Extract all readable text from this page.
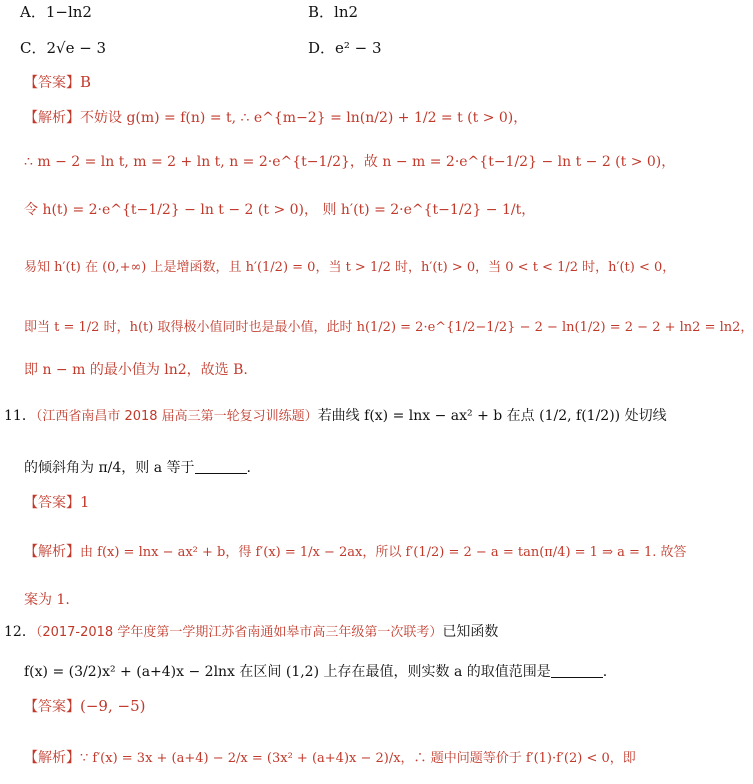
A．1−ln2	B．ln2
C．2√e − 3	D．e² − 3
【答案】B
【解析】不妨设 g(m) = f(n) = t, ∴ e^{m−2} = ln(n/2) + 1/2 = t (t > 0)，
∴ m − 2 = ln t, m = 2 + ln t, n = 2·e^{t−1/2}，故 n − m = 2·e^{t−1/2} − ln t − 2 (t > 0)，
令 h(t) = 2·e^{t−1/2} − ln t − 2 (t > 0)， 则 h′(t) = 2·e^{t−1/2} − 1/t，
易知 h′(t) 在 (0,+∞) 上是增函数，且 h′(1/2) = 0，当 t > 1/2 时，h′(t) > 0，当 0 < t < 1/2 时，h′(t) < 0，
即当 t = 1/2 时，h(t) 取得极小值同时也是最小值，此时 h(1/2) = 2·e^{1/2−1/2} − 2 − ln(1/2) = 2 − 2 + ln2 = ln2，
即 n − m 的最小值为 ln2，故选 B.
11．（江西省南昌市 2018 届高三第一轮复习训练题）若曲线 f(x) = lnx − ax² + b 在点 (1/2, f(1/2)) 处切线
的倾斜角为 π/4，则 a 等于	.
【答案】1
【解析】由 f(x) = lnx − ax² + b，得 f′(x) = 1/x − 2ax，所以 f′(1/2) = 2 − a = tan(π/4) = 1 ⇒ a = 1. 故答
案为 1.
12．（2017-2018 学年度第一学期江苏省南通如皋市高三年级第一次联考）已知函数
f(x) = (3/2)x² + (a+4)x − 2lnx 在区间 (1,2) 上存在最值，则实数 a 的取值范围是	.
【答案】(−9, −5)
【解析】∵ f′(x) = 3x + (a+4) − 2/x = (3x² + (a+4)x − 2)/x，∴ 题中问题等价于 f′(1)·f′(2) < 0，即
